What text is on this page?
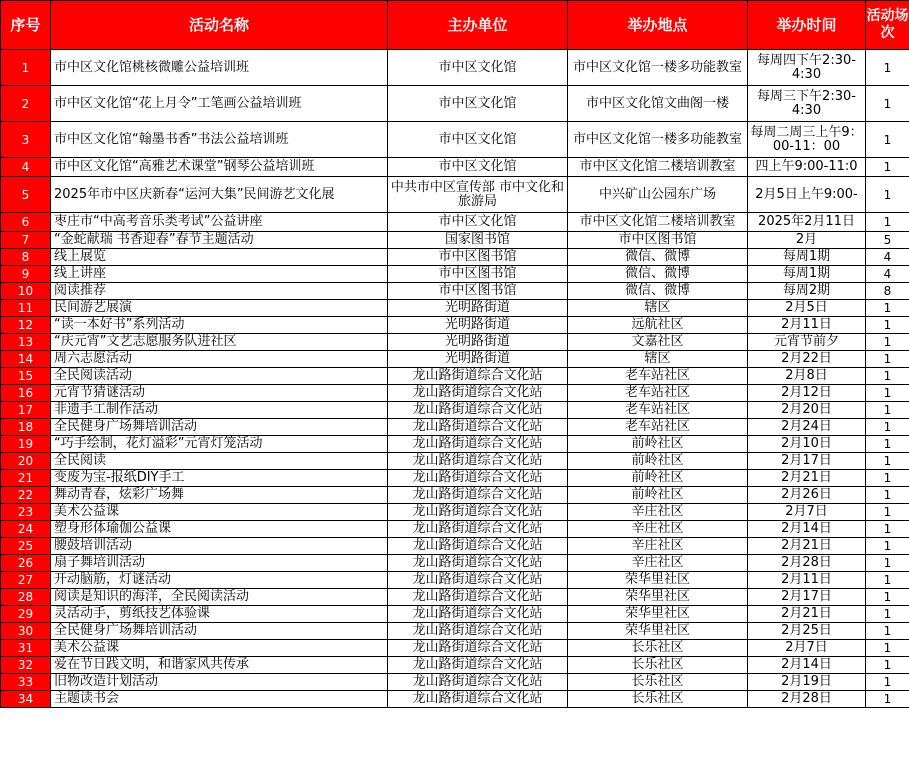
序号	活动名称	主办单位	举办地点	举办时间	活动场次
1	市中区文化馆桃核微雕公益培训班	市中区文化馆	市中区文化馆一楼多功能教室	每周四下午2:30-4:30	1
2	市中区文化馆“花上月令”工笔画公益培训班	市中区文化馆	市中区文化馆文曲阁一楼	每周三下午2:30-4:30	1
3	市中区文化馆“翰墨书香”书法公益培训班	市中区文化馆	市中区文化馆一楼多功能教室	每周二周三上午9：00-11：00	1
4	市中区文化馆“高雅艺术课堂”钢琴公益培训班	市中区文化馆	市中区文化馆二楼培训教室	四上午9:00-11:0	1
5	2025年市中区庆新春“运河大集”民间游艺文化展	中共市中区宣传部 市中文化和旅游局	中兴矿山公园东广场	2月5日上午9:00-	1
6	枣庄市“中高考音乐类考试”公益讲座	市中区文化馆	市中区文化馆二楼培训教室	2025年2月11日	1
7	“金蛇献瑞 书香迎春”春节主题活动	国家图书馆	市中区图书馆	2月	5
8	线上展览	市中区图书馆	微信、微博	每周1期	4
9	线上讲座	市中区图书馆	微信、微博	每周1期	4
10	阅读推荐	市中区图书馆	微信、微博	每周2期	8
11	民间游艺展演	光明路街道	辖区	2月5日	1
12	“读一本好书”系列活动	光明路街道	远航社区	2月11日	1
13	“庆元宵”文艺志愿服务队进社区	光明路街道	文嘉社区	元宵节前夕	1
14	周六志愿活动	光明路街道	辖区	2月22日	1
15	全民阅读活动	龙山路街道综合文化站	老车站社区	2月8日	1
16	元宵节猜谜活动	龙山路街道综合文化站	老车站社区	2月12日	1
17	非遗手工制作活动	龙山路街道综合文化站	老车站社区	2月20日	1
18	全民健身广场舞培训活动	龙山路街道综合文化站	老车站社区	2月24日	1
19	“巧手绘制，花灯溢彩”元宵灯笼活动	龙山路街道综合文化站	前岭社区	2月10日	1
20	全民阅读	龙山路街道综合文化站	前岭社区	2月17日	1
21	变废为宝-报纸DIY手工	龙山路街道综合文化站	前岭社区	2月21日	1
22	舞动青春，炫彩广场舞	龙山路街道综合文化站	前岭社区	2月26日	1
23	美术公益课	龙山路街道综合文化站	辛庄社区	2月7日	1
24	塑身形体瑜伽公益课	龙山路街道综合文化站	辛庄社区	2月14日	1
25	腰鼓培训活动	龙山路街道综合文化站	辛庄社区	2月21日	1
26	扇子舞培训活动	龙山路街道综合文化站	辛庄社区	2月28日	1
27	开动脑筋，灯谜活动	龙山路街道综合文化站	荣华里社区	2月11日	1
28	阅读是知识的海洋，全民阅读活动	龙山路街道综合文化站	荣华里社区	2月17日	1
29	灵活动手，剪纸技艺体验课	龙山路街道综合文化站	荣华里社区	2月21日	1
30	全民健身广场舞培训活动	龙山路街道综合文化站	荣华里社区	2月25日	1
31	美术公益课	龙山路街道综合文化站	长乐社区	2月7日	1
32	爱在节日践文明，和谐家风共传承	龙山路街道综合文化站	长乐社区	2月14日	1
33	旧物改造计划活动	龙山路街道综合文化站	长乐社区	2月19日	1
34	主题读书会	龙山路街道综合文化站	长乐社区	2月28日	1
